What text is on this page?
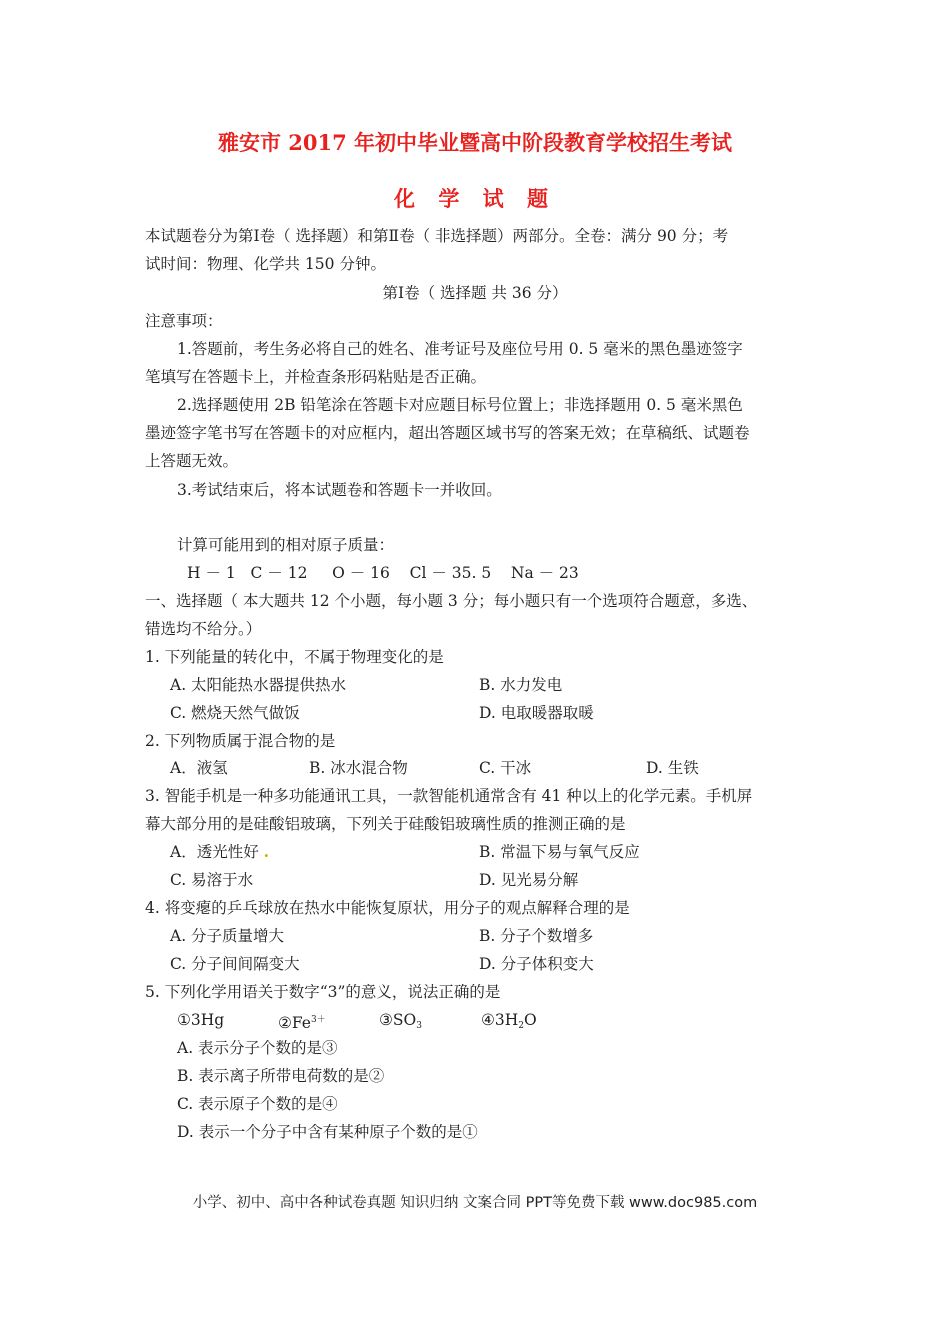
雅安市 2017 年初中毕业暨高中阶段教育学校招生考试
化 学 试 题
本试题卷分为第Ⅰ卷（ 选择题）和第Ⅱ卷（ 非选择题）两部分。全卷：满分 90 分；考
试时间：物理、化学共 150 分钟。
第Ⅰ卷（ 选择题 共 36 分）
注意事项：
1.答题前，考生务必将自己的姓名、准考证号及座位号用 0. 5 毫米的黑色墨迹签字
笔填写在答题卡上，并检查条形码粘贴是否正确。
2.选择题使用 2B 铅笔涂在答题卡对应题目标号位置上；非选择题用 0. 5 毫米黑色
墨迹签字笔书写在答题卡的对应框内，超出答题区域书写的答案无效；在草稿纸、试题卷
上答题无效。
3.考试结束后，将本试题卷和答题卡一并收回。
计算可能用到的相对原子质量：
H － 1   C － 12     O － 16    Cl － 35. 5    Na － 23
一、选择题（ 本大题共 12 个小题，每小题 3 分；每小题只有一个选项符合题意，多选、
错选均不给分。）
1. 下列能量的转化中，不属于物理变化的是
A. 太阳能热水器提供热水	B. 水力发电
C. 燃烧天然气做饭	D. 电取暖器取暖
2. 下列物质属于混合物的是
A．液氢	B. 冰水混合物	C. 干冰	D. 生铁
3. 智能手机是一种多功能通讯工具，一款智能机通常含有 41 种以上的化学元素。手机屏
幕大部分用的是硅酸铝玻璃，下列关于硅酸铝玻璃性质的推测正确的是
A．透光性好 .	B. 常温下易与氧气反应
C. 易溶于水	D. 见光易分解
4. 将变瘪的乒乓球放在热水中能恢复原状，用分子的观点解释合理的是
A. 分子质量增大	B. 分子个数增多
C. 分子间间隔变大	D. 分子体积变大
5. 下列化学用语关于数字“3”的意义，说法正确的是
①3Hg	$②Fe^{3+}$	$③SO_3$	$④3H_2O$
A. 表示分子个数的是③
B. 表示离子所带电荷数的是②
C. 表示原子个数的是④
D. 表示一个分子中含有某种原子个数的是①
小学、初中、高中各种试卷真题 知识归纳 文案合同 PPT等免费下载 www.doc985.com
